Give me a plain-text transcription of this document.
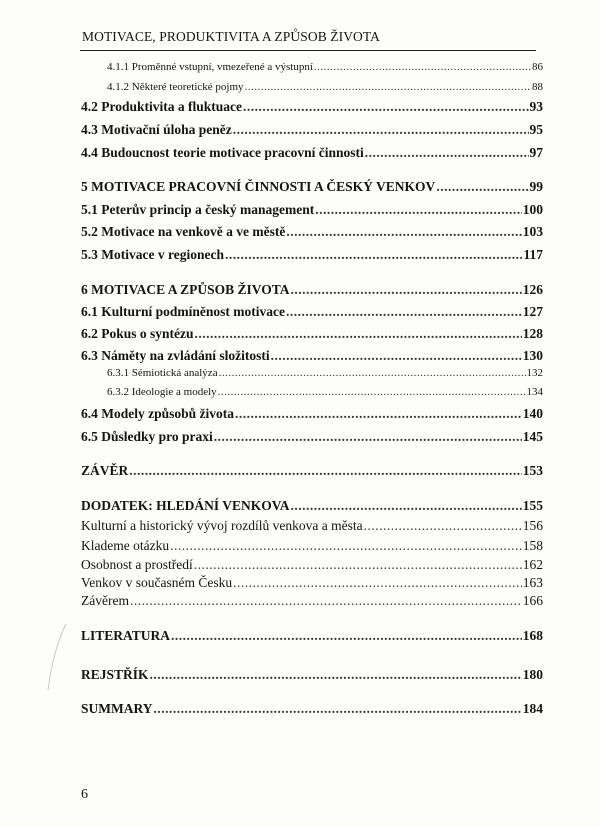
MOTIVACE, PRODUKTIVITA A ZPŮSOB ŽIVOTA
4.1.1 Proměnné vstupní, vmezeřené a výstupní .....	86
4.1.2 Některé teoretické pojmy .....	88
4.2 Produktivita a fluktuace .....	93
4.3 Motivační úloha peněz .....	95
4.4 Budoucnost teorie motivace pracovní činnosti .....	97
5 MOTIVACE PRACOVNÍ ČINNOSTI A ČESKÝ VENKOV .....	99
5.1 Peterův princip a český management .....	100
5.2 Motivace na venkově a ve městě .....	103
5.3 Motivace v regionech .....	117
6 MOTIVACE A ZPŮSOB ŽIVOTA .....	126
6.1 Kulturní podmíněnost motivace .....	127
6.2 Pokus o syntézu .....	128
6.3 Náměty na zvládání složitosti .....	130
6.3.1 Sémiotická analýza .....	132
6.3.2 Ideologie a modely .....	134
6.4 Modely způsobů života .....	140
6.5 Důsledky pro praxi .....	145
ZÁVĚR .....	153
DODATEK: HLEDÁNÍ VENKOVA .....	155
Kulturní a historický vývoj rozdílů venkova a města .....	156
Klademe otázku .....	158
Osobnost a prostředí .....	162
Venkov v současném Česku .....	163
Závěrem .....	166
LITERATURA .....	168
REJSTŘÍK .....	180
SUMMARY .....	184
6
